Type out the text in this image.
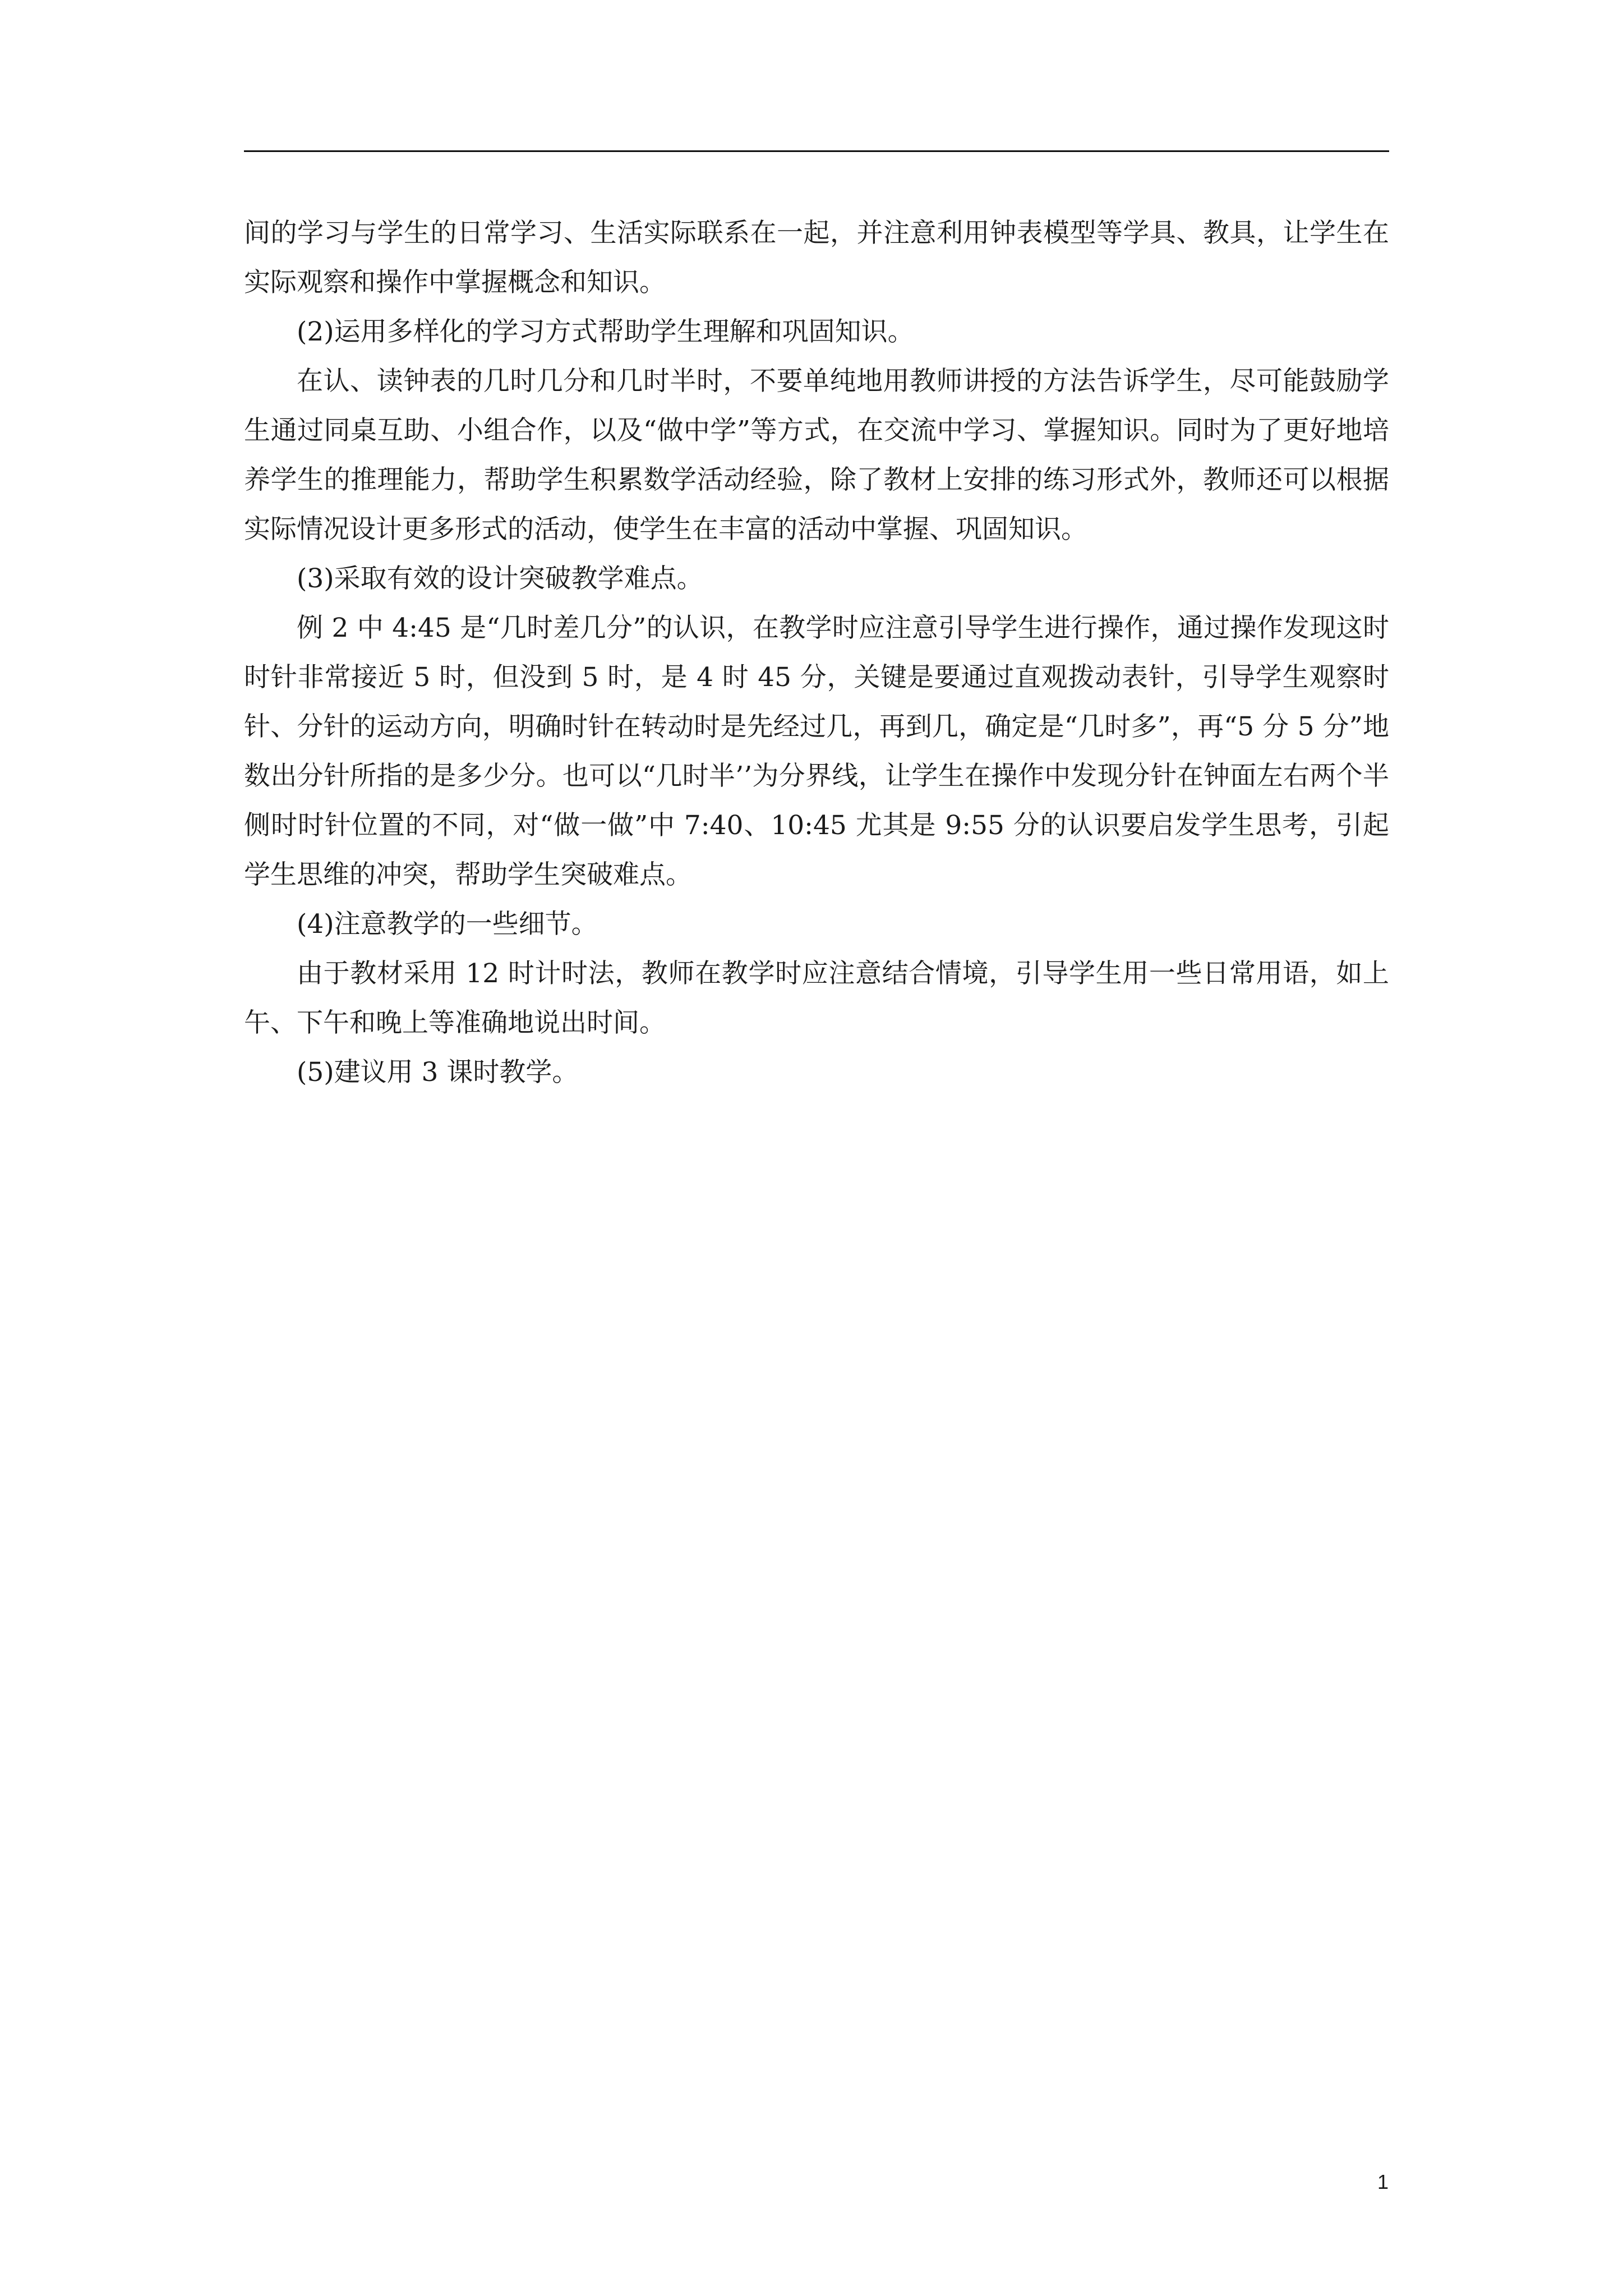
间的学习与学生的日常学习、生活实际联系在一起，并注意利用钟表模型等学具、教具，让学生在实际观察和操作中掌握概念和知识。

(2)运用多样化的学习方式帮助学生理解和巩固知识。

在认、读钟表的几时几分和几时半时，不要单纯地用教师讲授的方法告诉学生，尽可能鼓励学生通过同桌互助、小组合作，以及“做中学”等方式，在交流中学习、掌握知识。同时为了更好地培养学生的推理能力，帮助学生积累数学活动经验，除了教材上安排的练习形式外，教师还可以根据实际情况设计更多形式的活动，使学生在丰富的活动中掌握、巩固知识。

(3)采取有效的设计突破教学难点。

例 2 中 4:45 是“几时差几分”的认识，在教学时应注意引导学生进行操作，通过操作发现这时时针非常接近 5 时，但没到 5 时，是 4 时 45 分，关键是要通过直观拨动表针，引导学生观察时针、分针的运动方向，明确时针在转动时是先经过几，再到几，确定是“几时多”，再“5 分 5 分”地数出分针所指的是多少分。也可以“几时半’’为分界线，让学生在操作中发现分针在钟面左右两个半侧时时针位置的不同，对“做一做”中 7:40、10:45 尤其是 9:55 分的认识要启发学生思考，引起学生思维的冲突，帮助学生突破难点。

(4)注意教学的一些细节。

由于教材采用 12 时计时法，教师在教学时应注意结合情境，引导学生用一些日常用语，如上午、下午和晚上等准确地说出时间。

(5)建议用 3 课时教学。

1
